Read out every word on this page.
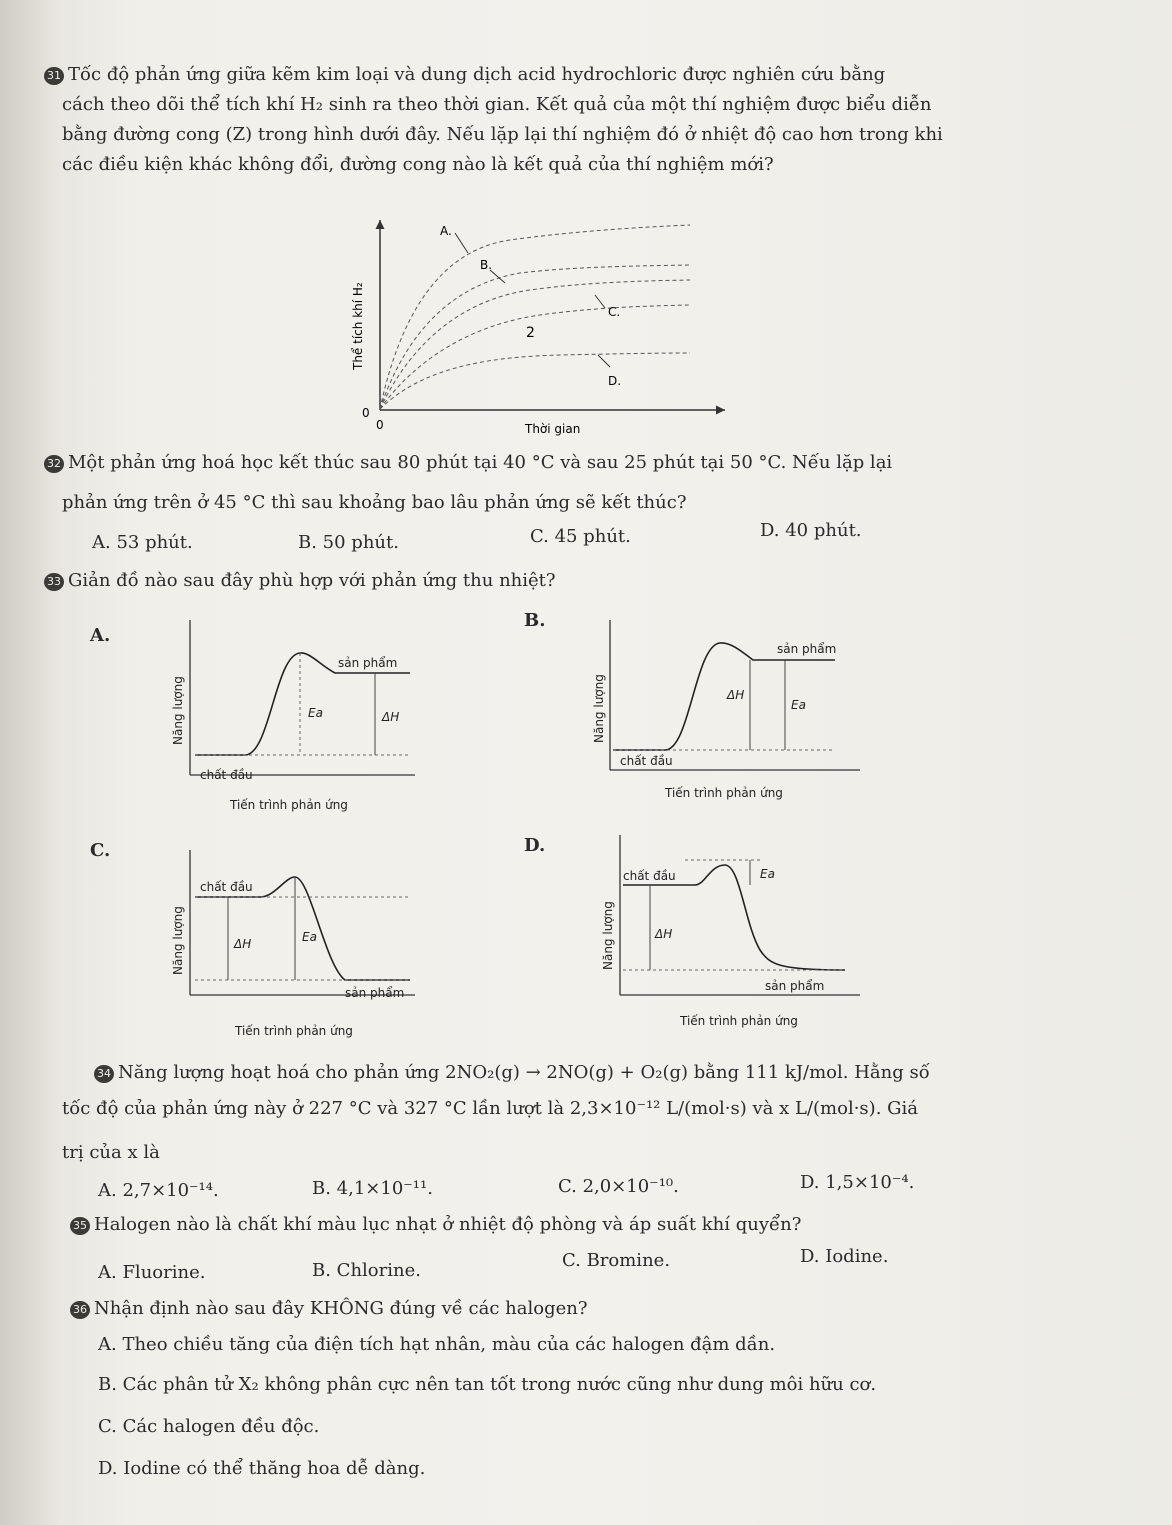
31 Tốc độ phản ứng giữa kẽm kim loại và dung dịch acid hydrochloric được nghiên cứu bằng
cách theo dõi thể tích khí H₂ sinh ra theo thời gian. Kết quả của một thí nghiệm được biểu diễn
bằng đường cong (Z) trong hình dưới đây. Nếu lặp lại thí nghiệm đó ở nhiệt độ cao hơn trong khi
các điều kiện khác không đổi, đường cong nào là kết quả của thí nghiệm mới?
A.
B.
C.
D.
2
0
0	Thời gian
Thể tích khí H₂
32 Một phản ứng hoá học kết thúc sau 80 phút tại 40 °C và sau 25 phút tại 50 °C. Nếu lặp lại
phản ứng trên ở 45 °C thì sau khoảng bao lâu phản ứng sẽ kết thúc?
A. 53 phút.	B. 50 phút.	C. 45 phút.	D. 40 phút.
33 Giản đồ nào sau đây phù hợp với phản ứng thu nhiệt?
A.
sản phẩm
chất đầu
Ea	ΔH
Tiến trình phản ứng
Năng lượng
B.
sản phẩm
chất đầu
ΔH
Ea
Tiến trình phản ứng
Năng lượng
C.
chất đầu
sản phẩm
ΔH	Ea
Tiến trình phản ứng
Năng lượng
D.
chất đầu
sản phẩm
ΔH
Ea
Tiến trình phản ứng
Năng lượng
34 Năng lượng hoạt hoá cho phản ứng 2NO₂(g) → 2NO(g) + O₂(g) bằng 111 kJ/mol. Hằng số
tốc độ của phản ứng này ở 227 °C và 327 °C lần lượt là 2,3×10⁻¹² L/(mol·s) và x L/(mol·s). Giá
trị của x là
A. 2,7×10⁻¹⁴.	B. 4,1×10⁻¹¹.	C. 2,0×10⁻¹⁰.	D. 1,5×10⁻⁴.
35 Halogen nào là chất khí màu lục nhạt ở nhiệt độ phòng và áp suất khí quyển?
A. Fluorine.	B. Chlorine.	C. Bromine.	D. Iodine.
36 Nhận định nào sau đây KHÔNG đúng về các halogen?
A. Theo chiều tăng của điện tích hạt nhân, màu của các halogen đậm dần.
B. Các phân tử X₂ không phân cực nên tan tốt trong nước cũng như dung môi hữu cơ.
C. Các halogen đều độc.
D. Iodine có thể thăng hoa dễ dàng.
